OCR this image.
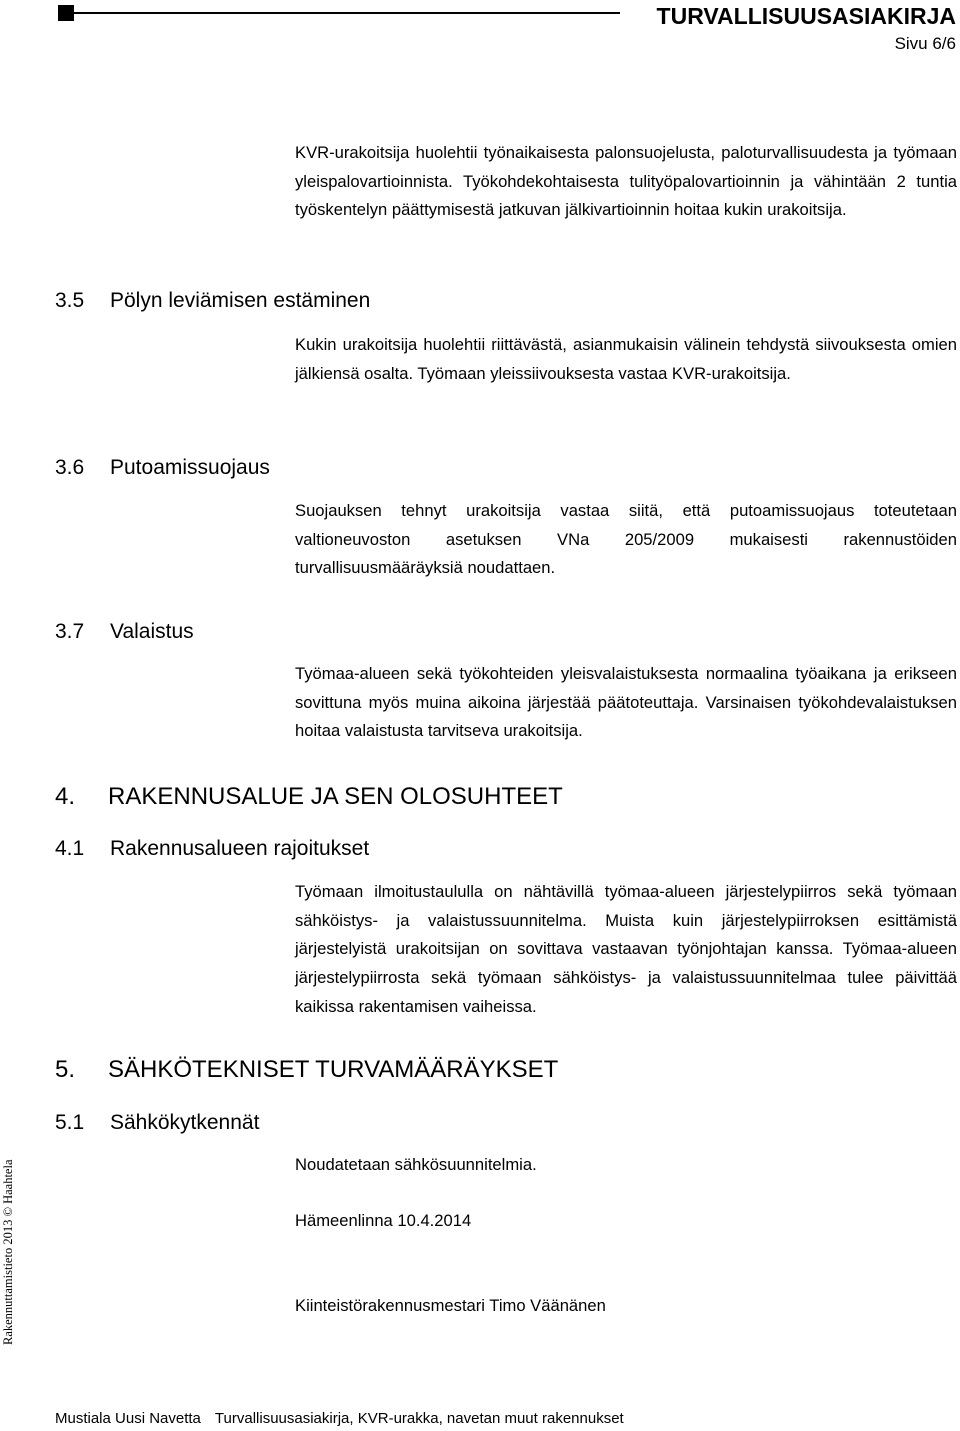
TURVALLISUUSASIAKIRJA
Sivu 6/6

KVR-urakoitsija huolehtii työnaikaisesta palonsuojelusta, paloturvallisuudesta ja työmaan yleispalovartioinnista. Työkohdekohtaisesta tulityöpalovartioinnin ja vähintään 2 tuntia työskentelyn päättymisestä jatkuvan jälkivartioinnin hoitaa kukin urakoitsija.

3.5 Pölyn leviämisen estäminen

Kukin urakoitsija huolehtii riittävästä, asianmukaisin välinein tehdystä siivouksesta omien jälkiensä osalta. Työmaan yleissiivouksesta vastaa KVR-urakoitsija.

3.6 Putoamissuojaus

Suojauksen tehnyt urakoitsija vastaa siitä, että putoamissuojaus toteutetaan valtioneuvoston asetuksen VNa 205/2009 mukaisesti rakennustöiden turvallisuusmääräyksiä noudattaen.

3.7 Valaistus

Työmaa-alueen sekä työkohteiden yleisvalaistuksesta normaalina työaikana ja erikseen sovittuna myös muina aikoina järjestää päätoteuttaja. Varsinaisen työkohdevalaistuksen hoitaa valaistusta tarvitseva urakoitsija.

4. RAKENNUSALUE JA SEN OLOSUHTEET
4.1 Rakennusalueen rajoitukset

Työmaan ilmoitustaululla on nähtävillä työmaa-alueen järjestelypiirros sekä työmaan sähköistys- ja valaistussuunnitelma. Muista kuin järjestelypiirroksen esittämistä järjestelyistä urakoitsijan on sovittava vastaavan työnjohtajan kanssa. Työmaa-alueen järjestelypiirrosta sekä työmaan sähköistys- ja valaistussuunnitelmaa tulee päivittää kaikissa rakentamisen vaiheissa.

5. SÄHKÖTEKNISET TURVAMÄÄRÄYKSET
5.1 Sähkökytkennät
Noudatetaan sähkösuunnitelmia.
Hämeenlinna 10.4.2014
Kiinteistörakennusmestari Timo Väänänen
Rakennuttamistieto 2013 © Haahtela
Mustiala Uusi Navetta Turvallisuusasiakirja, KVR-urakka, navetan muut rakennukset
